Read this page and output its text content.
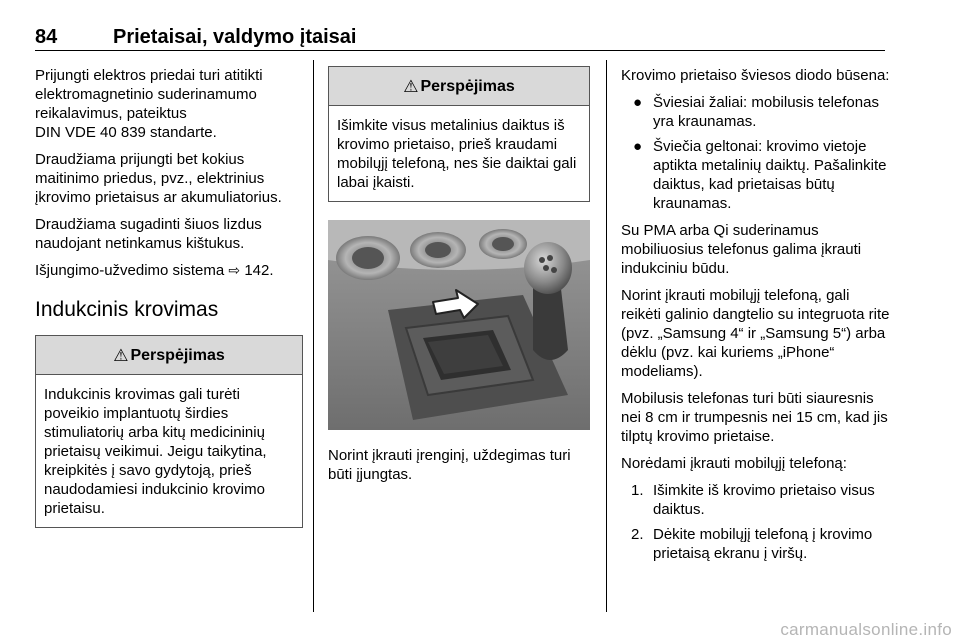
84	Prietaisai, valdymo įtaisai

Prijungti elektros priedai turi atitikti elektromagnetinio suderinamumo reikalavimus, pateiktus
DIN VDE 40 839 standarte.

Draudžiama prijungti bet kokius maitinimo priedus, pvz., elektrinius įkrovimo prietaisus ar akumuliatorius.

Draudžiama sugadinti šiuos lizdus naudojant netinkamus kištukus.

Išjungimo-užvedimo sistema ⇨ 142.

Indukcinis krovimas
⚠ Perspėjimas
Indukcinis krovimas gali turėti poveikio implantuotų širdies stimuliatorių arba kitų medicininių prietaisų veikimui. Jeigu taikytina, kreipkitės į savo gydytoją, prieš naudodamiesi indukcinio krovimo prietaisu.
⚠ Perspėjimas
Išimkite visus metalinius daiktus iš krovimo prietaiso, prieš kraudami mobilųjį telefoną, nes šie daiktai gali labai įkaisti.

Norint įkrauti įrenginį, uždegimas turi būti įjungtas.

Krovimo prietaiso šviesos diodo būsena:

● Šviesiai žaliai: mobilusis telefonas yra kraunamas.
● Šviečia geltonai: krovimo vietoje aptikta metalinių daiktų. Pašalinkite daiktus, kad prietaisas būtų kraunamas.

Su PMA arba Qi suderinamus mobiliuosius telefonus galima įkrauti indukciniu būdu.

Norint įkrauti mobilųjį telefoną, gali reikėti galinio dangtelio su integruota rite (pvz. „Samsung 4“ ir „Samsung 5“) arba dėklu (pvz. kai kuriems „iPhone“ modeliams).

Mobilusis telefonas turi būti siauresnis nei 8 cm ir trumpesnis nei 15 cm, kad jis tilptų krovimo prietaise.

Norėdami įkrauti mobilųjį telefoną:

1. Išimkite iš krovimo prietaiso visus daiktus.
2. Dėkite mobilųjį telefoną į krovimo prietaisą ekranu į viršų.
carmanualsonline.info
